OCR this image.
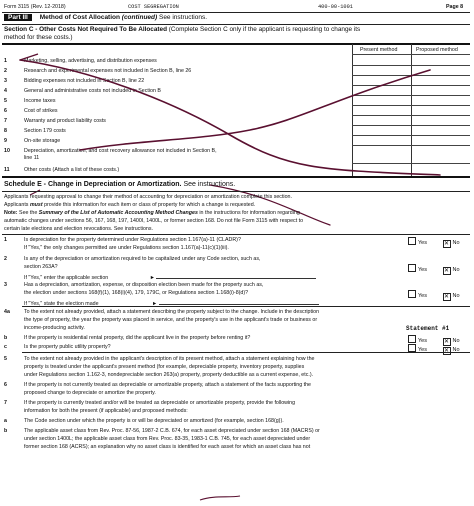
Form 3115 (Rev. 12-2018)	COST SEGREGATION	400-00-1001	Page 8
Part III Method of Cost Allocation (continued) See instructions.
Section C - Other Costs Not Required To Be Allocated (Complete Section C only if the applicant is requesting to change its
method for these costs.)
Present method	Proposed method
1	Marketing, selling, advertising, and distribution expenses
2	Research and experimental expenses not included in Section B, line 26
3	Bidding expenses not included in Section B, line 22
4	General and administrative costs not included in Section B
5	Income taxes
6	Cost of strikes
7	Warranty and product liability costs
8	Section 179 costs
9	On-site storage
10	Depreciation, amortization, and cost recovery allowance not included in Section B,
line 11
11	Other costs (Attach a list of these costs.)
Schedule E - Change in Depreciation or Amortization. See instructions.
Applicants requesting approval to change their method of accounting for depreciation or amortization complete this section.
Applicants must provide this information for each item or class of property for which a change is requested.
Note: See the Summary of the List of Automatic Accounting Method Changes in the instructions for information regarding
automatic changes under sections 56, 167, 168, 197, 1400I, 1400L, or former section 168. Do not file Form 3115 with respect to
certain late elections and election revocations. See instructions.
1	Is depreciation for the property determined under Regulations section 1.167(a)-11 (CLADR)?
If "Yes," the only changes permitted are under Regulations section 1.167(a)-11(c)(1)(iii).
Yes	✕ No
2	Is any of the depreciation or amortization required to be capitalized under any Code section, such as,
section 263A?	Yes	✕ No
If "Yes," enter the applicable section	►
3	Has a depreciation, amortization, expense, or disposition election been made for the property such as,
the election under sections 168(f)(1), 168(i)(4), 179, 179C, or Regulations section 1.168(i)-8(d)?	Yes	✕ No
If "Yes," state the election made	►
4a	To the extent not already provided, attach a statement describing the property subject to the change. Include in the description
the type of property, the year the property was placed in service, and the property's use in the applicant's trade or business or
income-producing activity.	Statement #1
b	If the property is residential rental property, did the applicant live in the property before renting it?	Yes	✕ No
c	Is the property public utility property?	Yes	✕ No
5	To the extent not already provided in the applicant's description of its present method, attach a statement explaining how the
property is treated under the applicant's present method (for example, depreciable property, inventory property, supplies
under Regulations section 1.162-3, nondepreciable section 263(a) property, property deductible as a current expense, etc.).
6	If the property is not currently treated as depreciable or amortizable property, attach a statement of the facts supporting the
proposed change to depreciate or amortize the property.
7	If the property is currently treated and/or will be treated as depreciable or amortizable property, provide the following
information for both the present (if applicable) and proposed methods:
a	The Code section under which the property is or will be depreciated or amortized (for example, section 168(g)).
b	The applicable asset class from Rev. Proc. 87-56, 1987-2 C.B. 674, for each asset depreciated under section 168 (MACRS) or
under section 1400L; the applicable asset class from Rev. Proc. 83-35, 1983-1 C.B. 745, for each asset depreciated under
former section 168 (ACRS); an explanation why no asset class is identified for each asset for which an asset class has not
